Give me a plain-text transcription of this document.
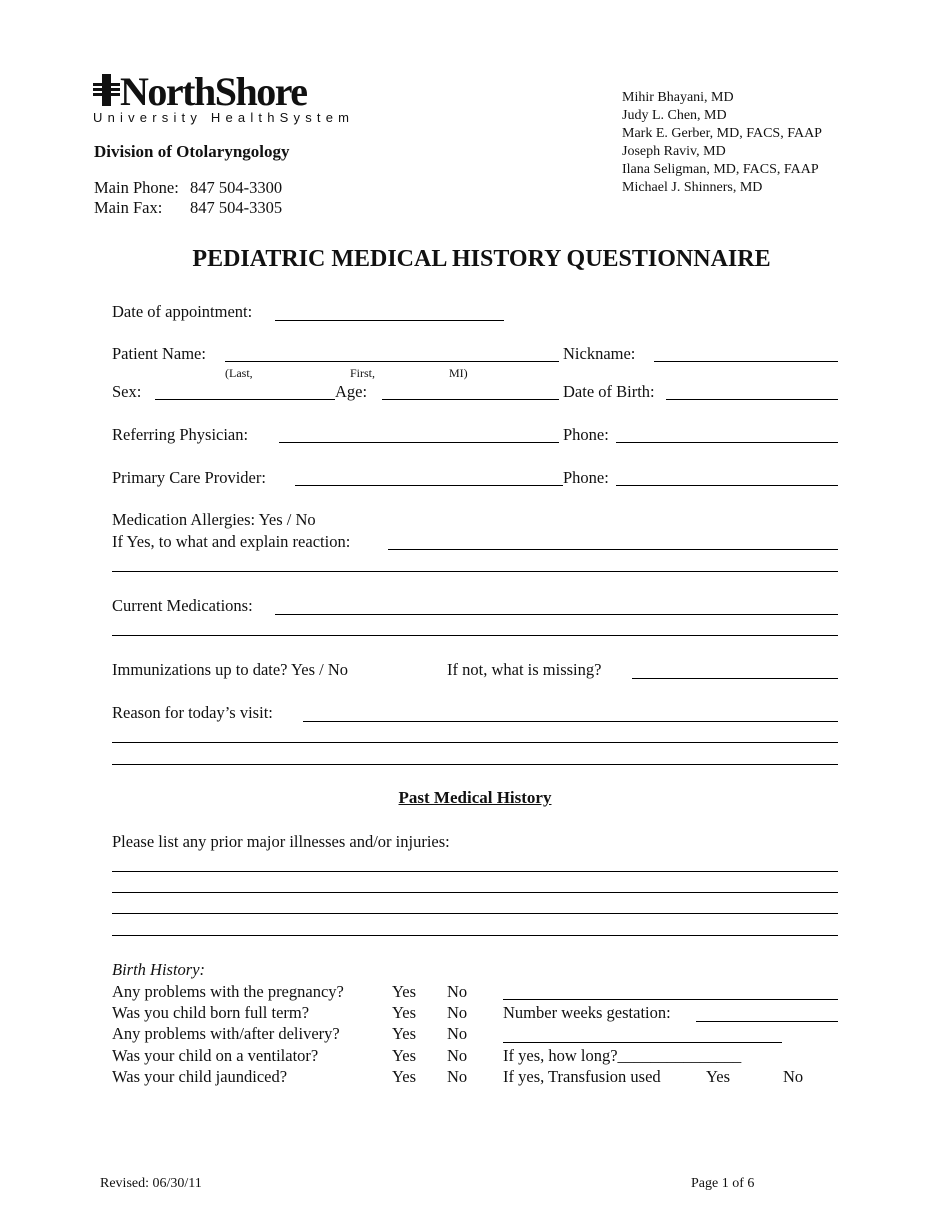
NorthShore
University HealthSystem
Division of Otolaryngology
Main Phone: 847 504-3300
Main Fax: 847 504-3305
Mihir Bhayani, MD
Judy L. Chen, MD
Mark E. Gerber, MD, FACS, FAAP
Joseph Raviv, MD
Ilana Seligman, MD, FACS, FAAP
Michael J. Shinners, MD
PEDIATRIC MEDICAL HISTORY QUESTIONNAIRE
Date of appointment:
Patient Name:
(Last,	First,	MI)
Nickname:
Sex:	Age:	Date of Birth:
Referring Physician:	Phone:
Primary Care Provider:	Phone:
Medication Allergies: Yes / No
If Yes, to what and explain reaction:
Current Medications:
Immunizations up to date? Yes / No	If not, what is missing?
Reason for today’s visit:
Past Medical History
Please list any prior major illnesses and/or injuries:
Birth History:
Any problems with the pregnancy?	Yes No
Was you child born full term?	Yes No Number weeks gestation:
Any problems with/after delivery?	Yes No
Was your child on a ventilator?	Yes No If yes, how long?_______________
Was your child jaundiced?	Yes No If yes, Transfusion used	Yes	No
Revised: 06/30/11	Page 1 of 6
